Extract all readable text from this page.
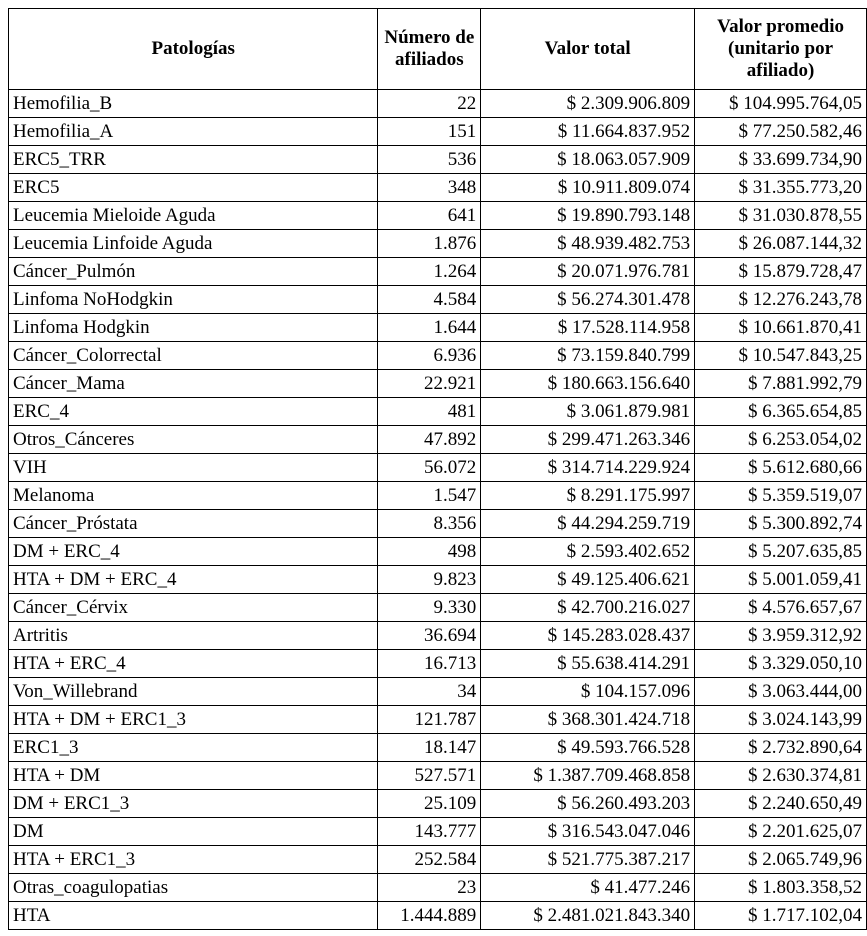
Patologías	Número de afiliados	Valor total	Valor promedio (unitario por afiliado)
Hemofilia_B	22	$ 2.309.906.809	$ 104.995.764,05
Hemofilia_A	151	$ 11.664.837.952	$ 77.250.582,46
ERC5_TRR	536	$ 18.063.057.909	$ 33.699.734,90
ERC5	348	$ 10.911.809.074	$ 31.355.773,20
Leucemia Mieloide Aguda	641	$ 19.890.793.148	$ 31.030.878,55
Leucemia Linfoide Aguda	1.876	$ 48.939.482.753	$ 26.087.144,32
Cáncer_Pulmón	1.264	$ 20.071.976.781	$ 15.879.728,47
Linfoma NoHodgkin	4.584	$ 56.274.301.478	$ 12.276.243,78
Linfoma Hodgkin	1.644	$ 17.528.114.958	$ 10.661.870,41
Cáncer_Colorrectal	6.936	$ 73.159.840.799	$ 10.547.843,25
Cáncer_Mama	22.921	$ 180.663.156.640	$ 7.881.992,79
ERC_4	481	$ 3.061.879.981	$ 6.365.654,85
Otros_Cánceres	47.892	$ 299.471.263.346	$ 6.253.054,02
VIH	56.072	$ 314.714.229.924	$ 5.612.680,66
Melanoma	1.547	$ 8.291.175.997	$ 5.359.519,07
Cáncer_Próstata	8.356	$ 44.294.259.719	$ 5.300.892,74
DM + ERC_4	498	$ 2.593.402.652	$ 5.207.635,85
HTA + DM + ERC_4	9.823	$ 49.125.406.621	$ 5.001.059,41
Cáncer_Cérvix	9.330	$ 42.700.216.027	$ 4.576.657,67
Artritis	36.694	$ 145.283.028.437	$ 3.959.312,92
HTA + ERC_4	16.713	$ 55.638.414.291	$ 3.329.050,10
Von_Willebrand	34	$ 104.157.096	$ 3.063.444,00
HTA + DM + ERC1_3	121.787	$ 368.301.424.718	$ 3.024.143,99
ERC1_3	18.147	$ 49.593.766.528	$ 2.732.890,64
HTA + DM	527.571	$ 1.387.709.468.858	$ 2.630.374,81
DM + ERC1_3	25.109	$ 56.260.493.203	$ 2.240.650,49
DM	143.777	$ 316.543.047.046	$ 2.201.625,07
HTA + ERC1_3	252.584	$ 521.775.387.217	$ 2.065.749,96
Otras_coagulopatias	23	$ 41.477.246	$ 1.803.358,52
HTA	1.444.889	$ 2.481.021.843.340	$ 1.717.102,04
